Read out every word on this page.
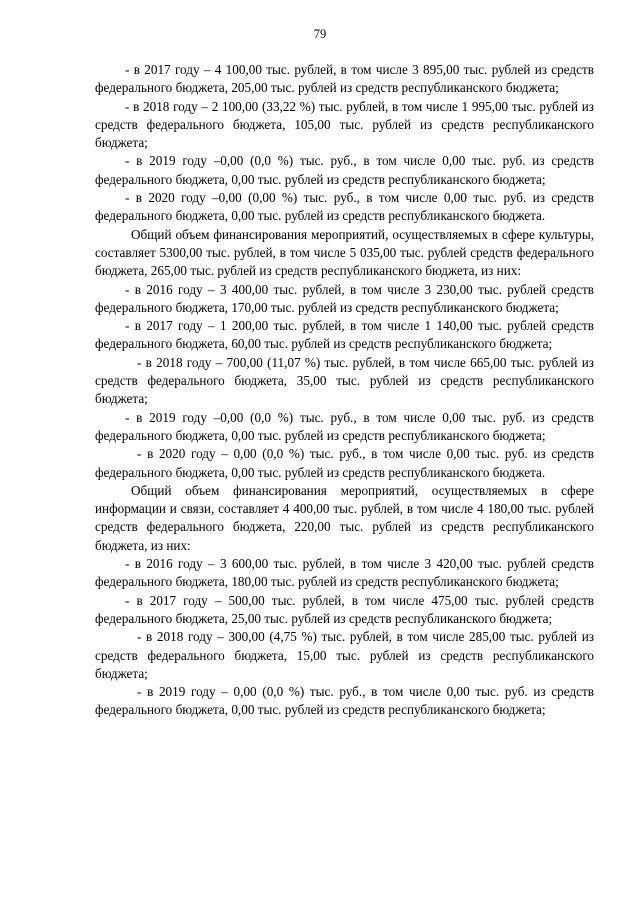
79

- в 2017 году – 4 100,00 тыс. рублей, в том числе 3 895,00 тыс. рублей из средств федерального бюджета, 205,00 тыс. рублей из средств республиканского бюджета;

- в 2018 году – 2 100,00 (33,22 %) тыс. рублей, в том числе 1 995,00 тыс. рублей из средств федерального бюджета, 105,00 тыс. рублей из средств республиканского бюджета;

- в 2019 году –0,00 (0,0 %) тыс. руб., в том числе 0,00 тыс. руб. из средств федерального бюджета, 0,00 тыс. рублей из средств республиканского бюджета;

- в 2020 году –0,00 (0,00 %) тыс. руб., в том числе 0,00 тыс. руб. из средств федерального бюджета, 0,00 тыс. рублей из средств республиканского бюджета.

Общий объем финансирования мероприятий, осуществляемых в сфере культуры, составляет 5300,00 тыс. рублей, в том числе 5 035,00 тыс. рублей средств федерального бюджета, 265,00 тыс. рублей из средств республиканского бюджета, из них:

- в 2016 году – 3 400,00 тыс. рублей, в том числе 3 230,00 тыс. рублей средств федерального бюджета, 170,00 тыс. рублей из средств республиканского бюджета;

- в 2017 году – 1 200,00 тыс. рублей, в том числе 1 140,00 тыс. рублей средств федерального бюджета, 60,00 тыс. рублей из средств республиканского бюджета;

- в 2018 году – 700,00 (11,07 %) тыс. рублей, в том числе 665,00 тыс. рублей из средств федерального бюджета, 35,00 тыс. рублей из средств республиканского бюджета;

- в 2019 году –0,00 (0,0 %) тыс. руб., в том числе 0,00 тыс. руб. из средств федерального бюджета, 0,00 тыс. рублей из средств республиканского бюджета;

- в 2020 году – 0,00 (0,0 %) тыс. руб., в том числе 0,00 тыс. руб. из средств федерального бюджета, 0,00 тыс. рублей из средств республиканского бюджета.

Общий объем финансирования мероприятий, осуществляемых в сфере информации и связи, составляет 4 400,00 тыс. рублей, в том числе 4 180,00 тыс. рублей средств федерального бюджета, 220,00 тыс. рублей из средств республиканского бюджета, из них:

- в 2016 году – 3 600,00 тыс. рублей, в том числе 3 420,00 тыс. рублей средств федерального бюджета, 180,00 тыс. рублей из средств республиканского бюджета;

- в 2017 году – 500,00 тыс. рублей, в том числе 475,00 тыс. рублей средств федерального бюджета, 25,00 тыс. рублей из средств республиканского бюджета;

- в 2018 году – 300,00 (4,75 %) тыс. рублей, в том числе 285,00 тыс. рублей из средств федерального бюджета, 15,00 тыс. рублей из средств республиканского бюджета;

- в 2019 году – 0,00 (0,0 %) тыс. руб., в том числе 0,00 тыс. руб. из средств федерального бюджета, 0,00 тыс. рублей из средств республиканского бюджета;
